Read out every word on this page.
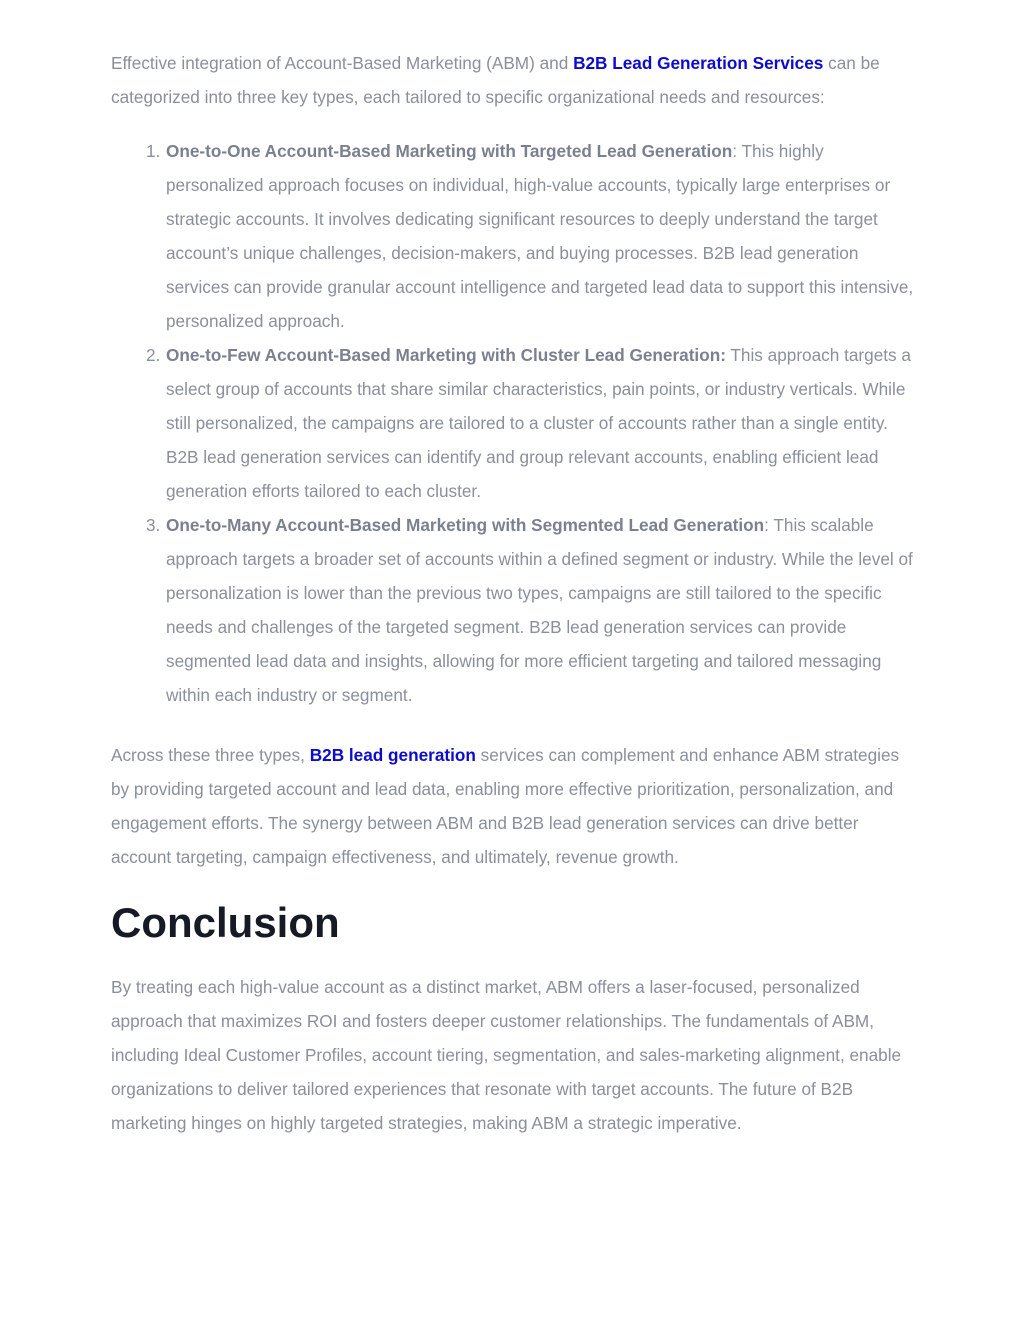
Effective integration of Account-Based Marketing (ABM) and B2B Lead Generation Services can be categorized into three key types, each tailored to specific organizational needs and resources:

1. One-to-One Account-Based Marketing with Targeted Lead Generation: This highly personalized approach focuses on individual, high-value accounts, typically large enterprises or strategic accounts. It involves dedicating significant resources to deeply understand the target account’s unique challenges, decision-makers, and buying processes. B2B lead generation services can provide granular account intelligence and targeted lead data to support this intensive, personalized approach.
2. One-to-Few Account-Based Marketing with Cluster Lead Generation: This approach targets a select group of accounts that share similar characteristics, pain points, or industry verticals. While still personalized, the campaigns are tailored to a cluster of accounts rather than a single entity. B2B lead generation services can identify and group relevant accounts, enabling efficient lead generation efforts tailored to each cluster.
3. One-to-Many Account-Based Marketing with Segmented Lead Generation: This scalable approach targets a broader set of accounts within a defined segment or industry. While the level of personalization is lower than the previous two types, campaigns are still tailored to the specific needs and challenges of the targeted segment. B2B lead generation services can provide segmented lead data and insights, allowing for more efficient targeting and tailored messaging within each industry or segment.

Across these three types, B2B lead generation services can complement and enhance ABM strategies by providing targeted account and lead data, enabling more effective prioritization, personalization, and engagement efforts. The synergy between ABM and B2B lead generation services can drive better account targeting, campaign effectiveness, and ultimately, revenue growth.

Conclusion

By treating each high-value account as a distinct market, ABM offers a laser-focused, personalized approach that maximizes ROI and fosters deeper customer relationships. The fundamentals of ABM, including Ideal Customer Profiles, account tiering, segmentation, and sales-marketing alignment, enable organizations to deliver tailored experiences that resonate with target accounts. The future of B2B marketing hinges on highly targeted strategies, making ABM a strategic imperative.
